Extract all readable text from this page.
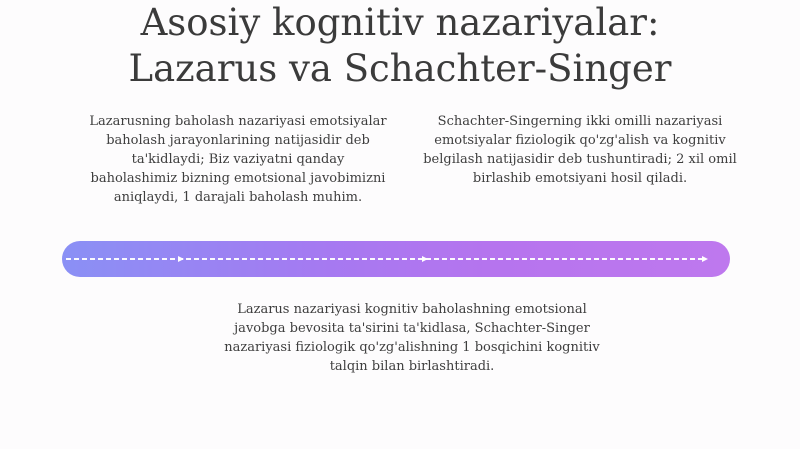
Asosiy kognitiv nazariyalar:
Lazarus va Schachter-Singer

Lazarusning baholash nazariyasi emotsiyalar baholash jarayonlarining natijasidir deb ta'kidlaydi; Biz vaziyatni qanday baholashimiz bizning emotsional javobimizni aniqlaydi, 1 darajali baholash muhim.

Schachter-Singerning ikki omilli nazariyasi emotsiyalar fiziologik qo'zg'alish va kognitiv belgilash natijasidir deb tushuntiradi; 2 xil omil birlashib emotsiyani hosil qiladi.

Lazarus nazariyasi kognitiv baholashning emotsional javobga bevosita ta'sirini ta'kidlasa, Schachter-Singer nazariyasi fiziologik qo'zg'alishning 1 bosqichini kognitiv talqin bilan birlashtiradi.
